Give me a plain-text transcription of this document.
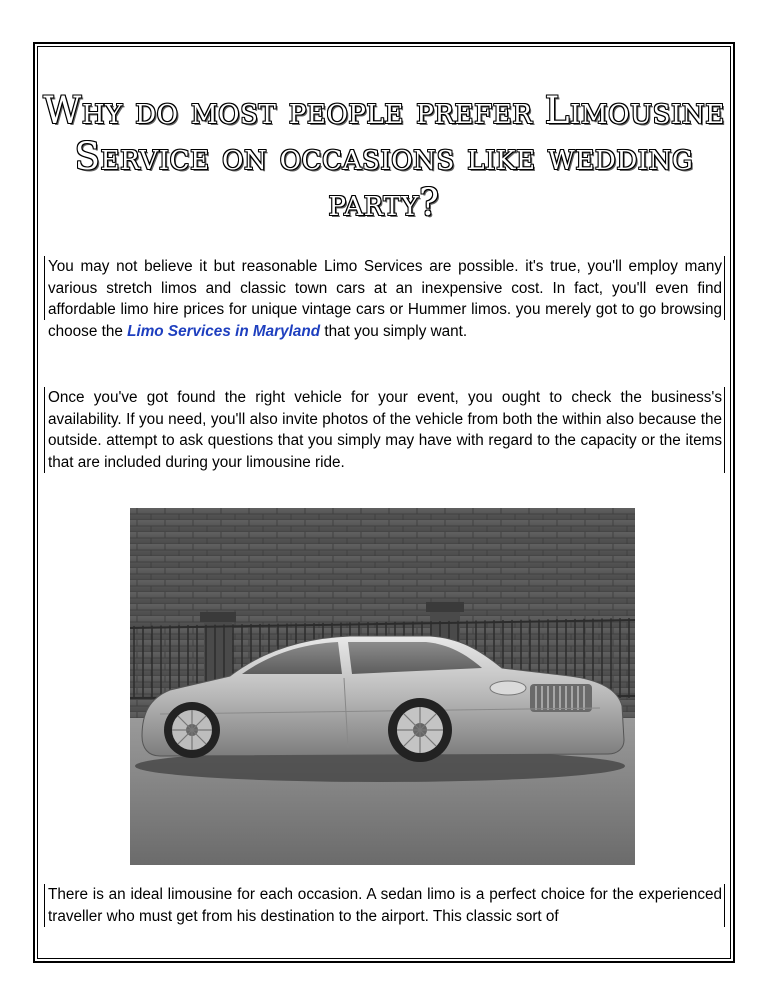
Why do most people prefer Limousine Service on occasions like wedding party?

You may not believe it but reasonable Limo Services are possible. it's true, you'll employ many various stretch limos and classic town cars at an inexpensive cost. In fact, you'll even find affordable limo hire prices for unique vintage cars or Hummer limos. you merely got to go browsing choose the Limo Services in Maryland that you simply want.

Once you've got found the right vehicle for your event, you ought to check the business's availability. If you need, you'll also invite photos of the vehicle from both the within also because the outside. attempt to ask questions that you simply may have with regard to the capacity or the items that are included during your limousine ride.

There is an ideal limousine for each occasion. A sedan limo is a perfect choice for the experienced traveller who must get from his destination to the airport. This classic sort of
